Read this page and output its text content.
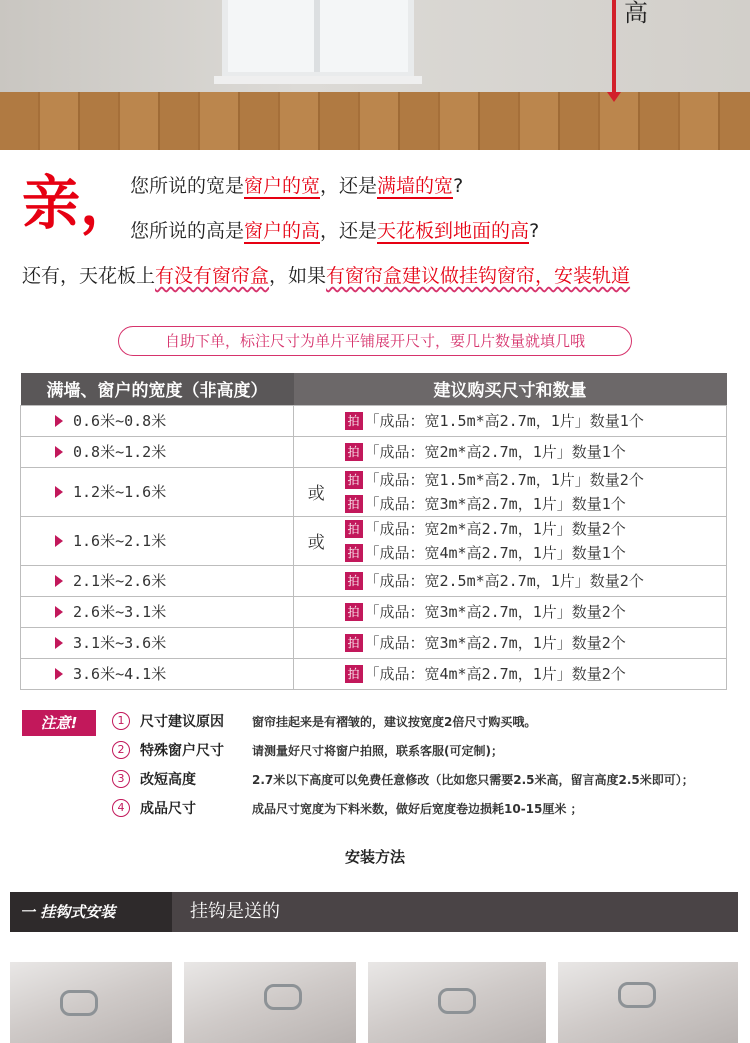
高
亲，
您所说的宽是窗户的宽，还是满墙的宽?
您所说的高是窗户的高，还是天花板到地面的高?
还有，天花板上有没有窗帘盒，如果有窗帘盒建议做挂钩窗帘，安装轨道
自助下单，标注尺寸为单片平铺展开尺寸，要几片数量就填几哦
满墙、窗户的宽度（非高度）	建议购买尺寸和数量	

0.6米~0.8米		拍 「成品：宽1.5m*高2.7m，1片」数量1个

0.8米~1.2米		拍 「成品：宽2m*高2.7m，1片」数量1个

1.2米~1.6米	或	拍 「成品：宽1.5m*高2.7m，1片」数量2个
拍 「成品：宽3m*高2.7m，1片」数量1个

1.6米~2.1米	或	拍 「成品：宽2m*高2.7m，1片」数量2个
拍 「成品：宽4m*高2.7m，1片」数量1个

2.1米~2.6米		拍 「成品：宽2.5m*高2.7m，1片」数量2个

2.6米~3.1米		拍 「成品：宽3m*高2.7m，1片」数量2个

3.1米~3.6米		拍 「成品：宽3m*高2.7m，1片」数量2个

3.6米~4.1米		拍 「成品：宽4m*高2.7m，1片」数量2个
注意!	1	尺寸建议原因	窗帘挂起来是有褶皱的，建议按宽度2倍尺寸购买哦。
2	特殊窗户尺寸	请测量好尺寸将窗户拍照，联系客服(可定制)；
3	改短高度	2.7米以下高度可以免费任意修改（比如您只需要2.5米高，留言高度2.5米即可）；
4	成品尺寸	成品尺寸宽度为下料米数，做好后宽度卷边损耗10-15厘米 ；
安装方法
一 挂钩式安装	挂钩是送的
